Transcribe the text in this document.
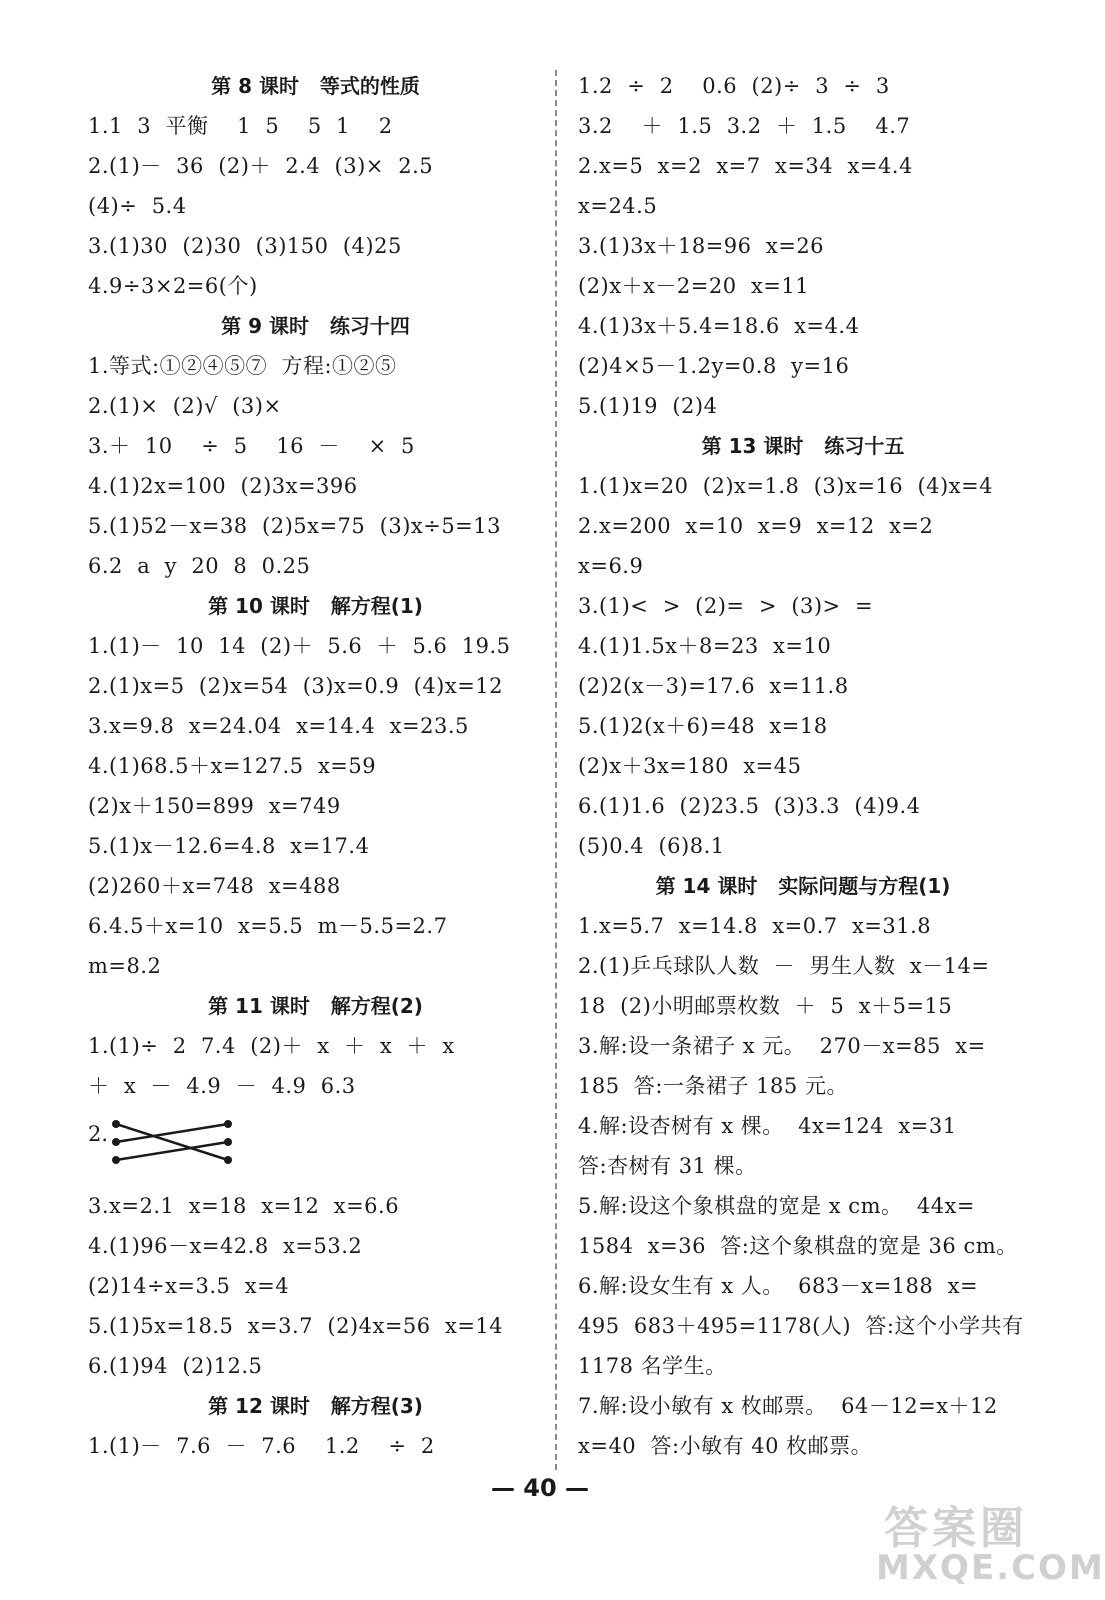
第 8 课时   等式的性质
1.1  3  平衡    1  5    5  1    2
2.(1)－  36  (2)＋  2.4  (3)×  2.5
(4)÷  5.4
3.(1)30  (2)30  (3)150  (4)25
4.9÷3×2=6(个)
第 9 课时   练习十四
1.等式:①②④⑤⑦  方程:①②⑤
2.(1)×  (2)√  (3)×
3.＋  10    ÷  5    16  －    ×  5
4.(1)2x=100  (2)3x=396
5.(1)52－x=38  (2)5x=75  (3)x÷5=13
6.2  a  y  20  8  0.25
第 10 课时   解方程(1)
1.(1)－  10  14  (2)＋  5.6  ＋  5.6  19.5
2.(1)x=5  (2)x=54  (3)x=0.9  (4)x=12
3.x=9.8  x=24.04  x=14.4  x=23.5
4.(1)68.5＋x=127.5  x=59
(2)x＋150=899  x=749
5.(1)x－12.6=4.8  x=17.4
(2)260＋x=748  x=488
6.4.5＋x=10  x=5.5  m－5.5=2.7
m=8.2
第 11 课时   解方程(2)
1.(1)÷  2  7.4  (2)＋  x  ＋  x  ＋  x
＋  x  －  4.9  －  4.9  6.3
2.
3.x=2.1  x=18  x=12  x=6.6
4.(1)96－x=42.8  x=53.2
(2)14÷x=3.5  x=4
5.(1)5x=18.5  x=3.7  (2)4x=56  x=14
6.(1)94  (2)12.5
第 12 课时   解方程(3)
1.(1)－  7.6  －  7.6    1.2    ÷  2
1.2  ÷  2    0.6  (2)÷  3  ÷  3
3.2    ＋  1.5  3.2  ＋  1.5    4.7
2.x=5  x=2  x=7  x=34  x=4.4
x=24.5
3.(1)3x＋18=96  x=26
(2)x＋x－2=20  x=11
4.(1)3x＋5.4=18.6  x=4.4
(2)4×5－1.2y=0.8  y=16
5.(1)19  (2)4
第 13 课时   练习十五
1.(1)x=20  (2)x=1.8  (3)x=16  (4)x=4
2.x=200  x=10  x=9  x=12  x=2
x=6.9
3.(1)<  >  (2)=  >  (3)>  =
4.(1)1.5x＋8=23  x=10
(2)2(x－3)=17.6  x=11.8
5.(1)2(x＋6)=48  x=18
(2)x＋3x=180  x=45
6.(1)1.6  (2)23.5  (3)3.3  (4)9.4
(5)0.4  (6)8.1
第 14 课时   实际问题与方程(1)
1.x=5.7  x=14.8  x=0.7  x=31.8
2.(1)乒乓球队人数  －  男生人数  x－14=
18  (2)小明邮票枚数  ＋  5  x＋5=15
3.解:设一条裙子 x 元。  270－x=85  x=
185  答:一条裙子 185 元。
4.解:设杏树有 x 棵。  4x=124  x=31
答:杏树有 31 棵。
5.解:设这个象棋盘的宽是 x cm。  44x=
1584  x=36  答:这个象棋盘的宽是 36 cm。
6.解:设女生有 x 人。  683－x=188  x=
495  683＋495=1178(人)  答:这个小学共有
1178 名学生。
7.解:设小敏有 x 枚邮票。  64－12=x＋12
x=40  答:小敏有 40 枚邮票。
— 40 —
答案圈
MXQE.COM
